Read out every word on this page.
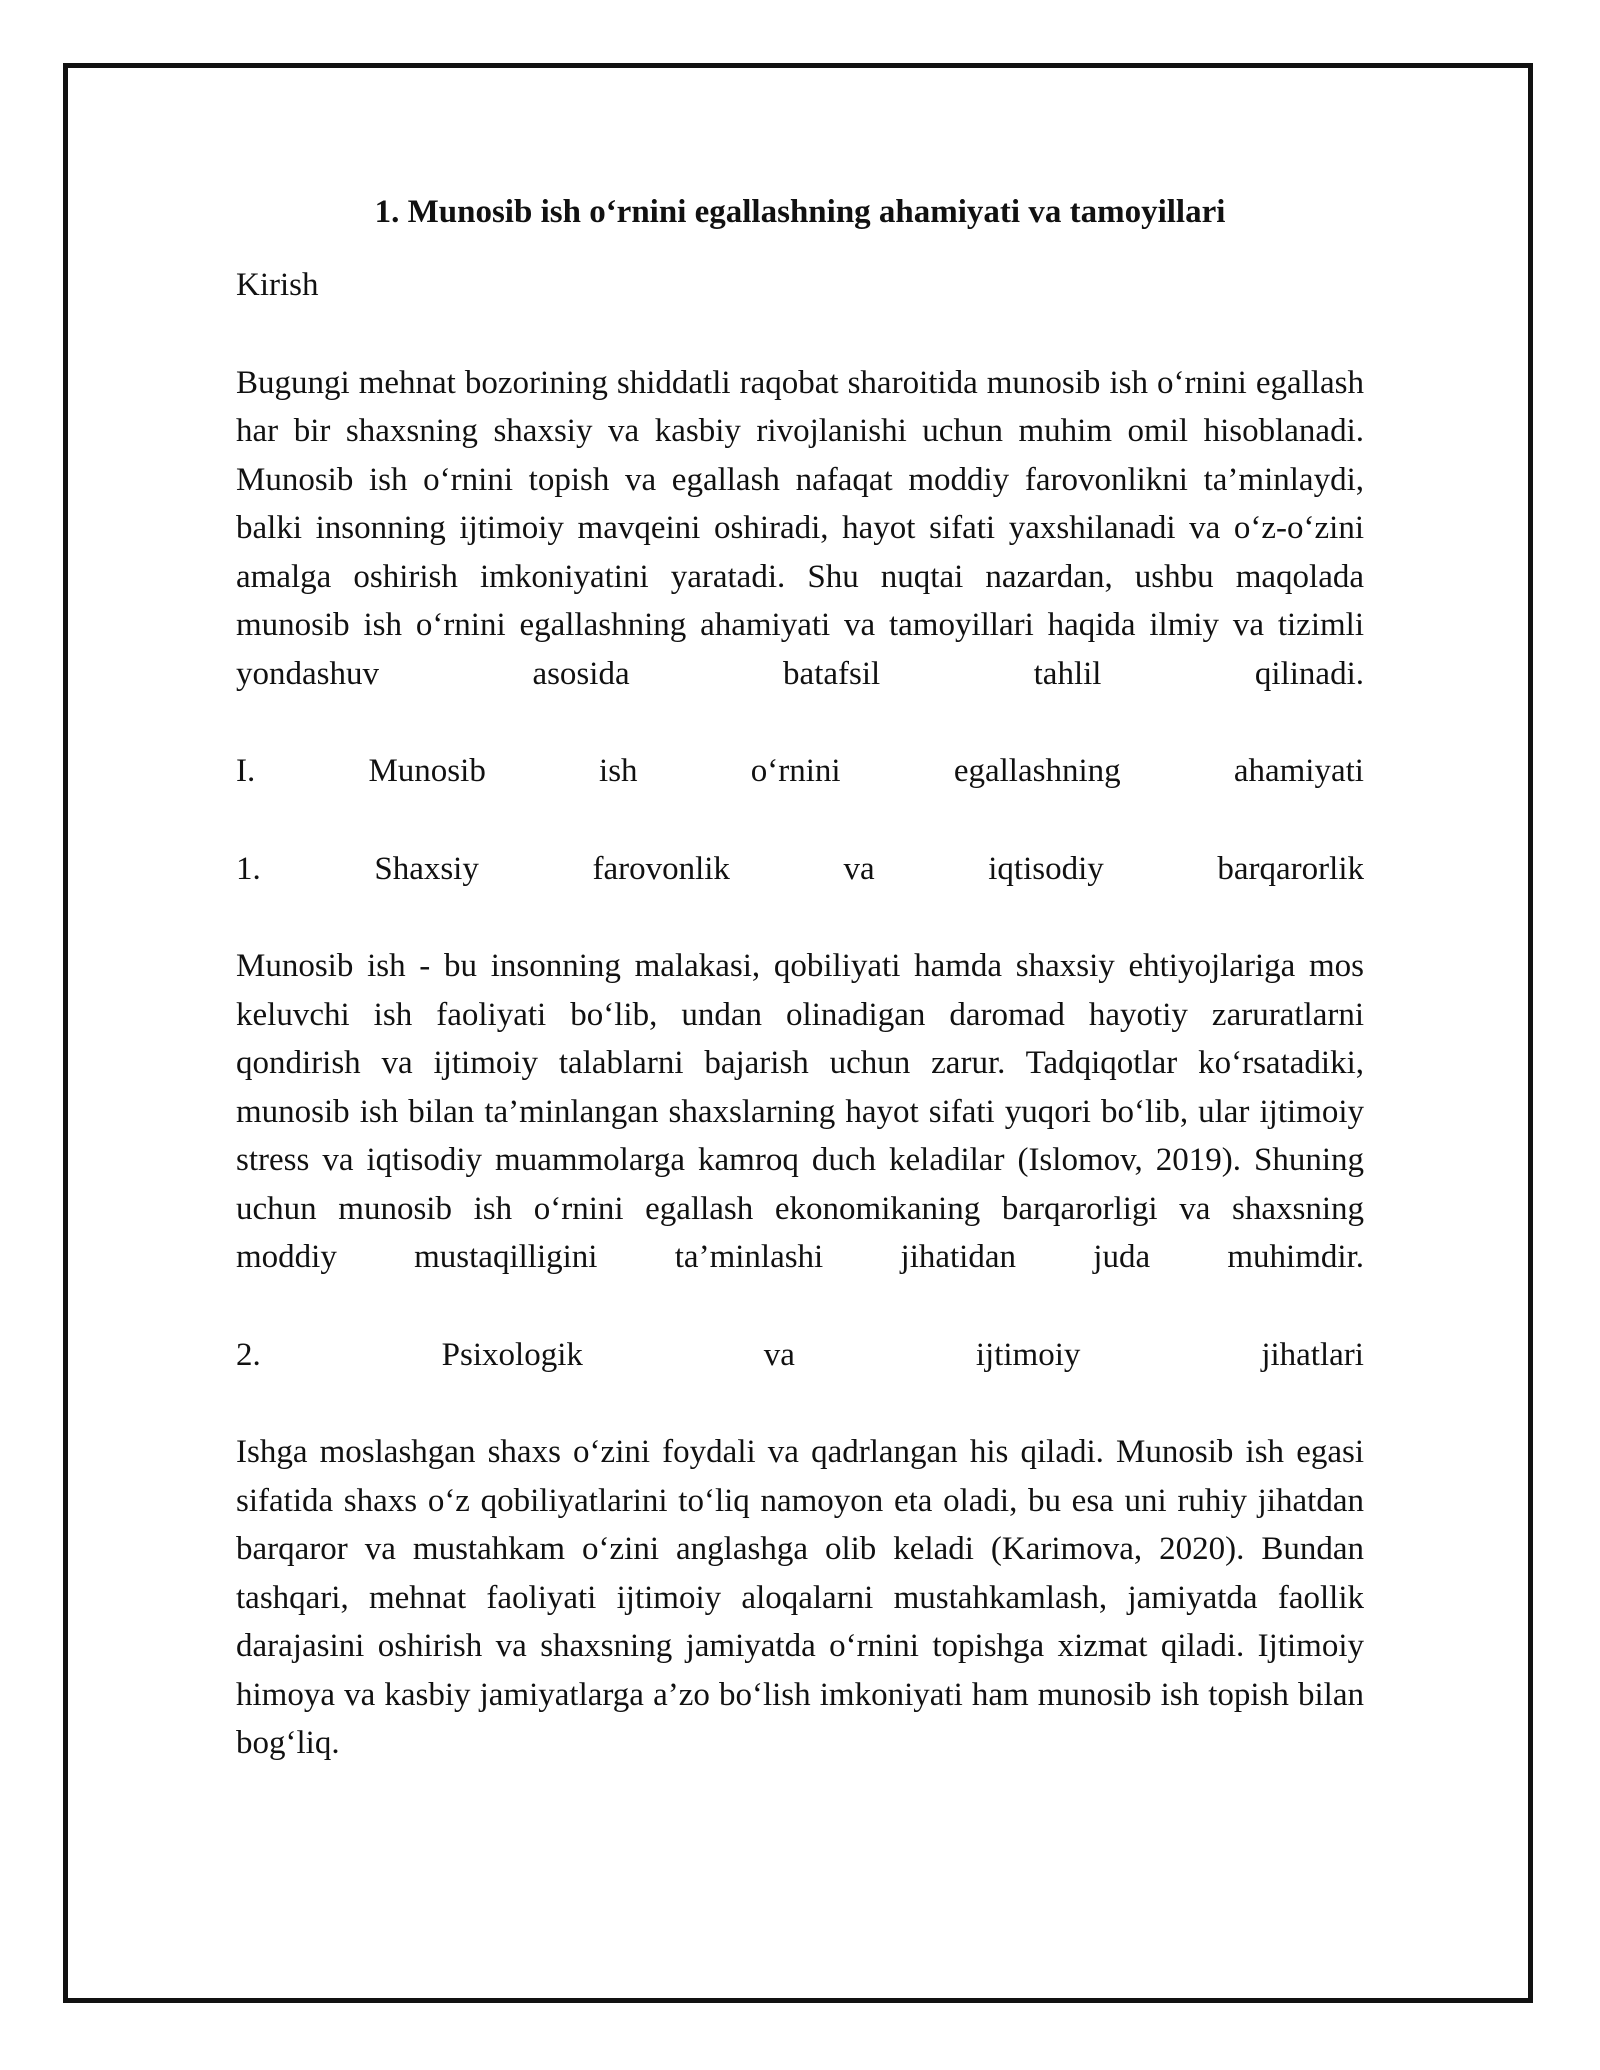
1. Munosib ish o‘rnini egallashning ahamiyati va tamoyillari
Kirish
Bugungi mehnat bozorining shiddatli raqobat sharoitida munosib ish o‘rnini egallash har bir shaxsning shaxsiy va kasbiy rivojlanishi uchun muhim omil hisoblanadi. Munosib ish o‘rnini topish va egallash nafaqat moddiy farovonlikni ta’minlaydi, balki insonning ijtimoiy mavqeini oshiradi, hayot sifati yaxshilanadi va o‘z-o‘zini amalga oshirish imkoniyatini yaratadi. Shu nuqtai nazardan, ushbu maqolada munosib ish o‘rnini egallashning ahamiyati va tamoyillari haqida ilmiy va tizimli yondashuv asosida batafsil tahlil qilinadi.
I.	Munosib	ish	o‘rnini	egallashning	ahamiyati
1.	Shaxsiy	farovonlik	va	iqtisodiy	barqarorlik
Munosib ish - bu insonning malakasi, qobiliyati hamda shaxsiy ehtiyojlariga mos keluvchi ish faoliyati bo‘lib, undan olinadigan daromad hayotiy zaruratlarni qondirish va ijtimoiy talablarni bajarish uchun zarur. Tadqiqotlar ko‘rsatadiki, munosib ish bilan ta’minlangan shaxslarning hayot sifati yuqori bo‘lib, ular ijtimoiy stress va iqtisodiy muammolarga kamroq duch keladilar (Islomov, 2019). Shuning uchun munosib ish o‘rnini egallash ekonomikaning barqarorligi va shaxsning moddiy mustaqilligini ta’minlashi jihatidan juda muhimdir.
2.	Psixologik	va	ijtimoiy	jihatlari
Ishga moslashgan shaxs o‘zini foydali va qadrlangan his qiladi. Munosib ish egasi sifatida shaxs o‘z qobiliyatlarini to‘liq namoyon eta oladi, bu esa uni ruhiy jihatdan barqaror va mustahkam o‘zini anglashga olib keladi (Karimova, 2020). Bundan tashqari, mehnat faoliyati ijtimoiy aloqalarni mustahkamlash, jamiyatda faollik darajasini oshirish va shaxsning jamiyatda o‘rnini topishga xizmat qiladi. Ijtimoiy himoya va kasbiy jamiyatlarga a’zo bo‘lish imkoniyati ham munosib ish topish bilan bog‘liq.
